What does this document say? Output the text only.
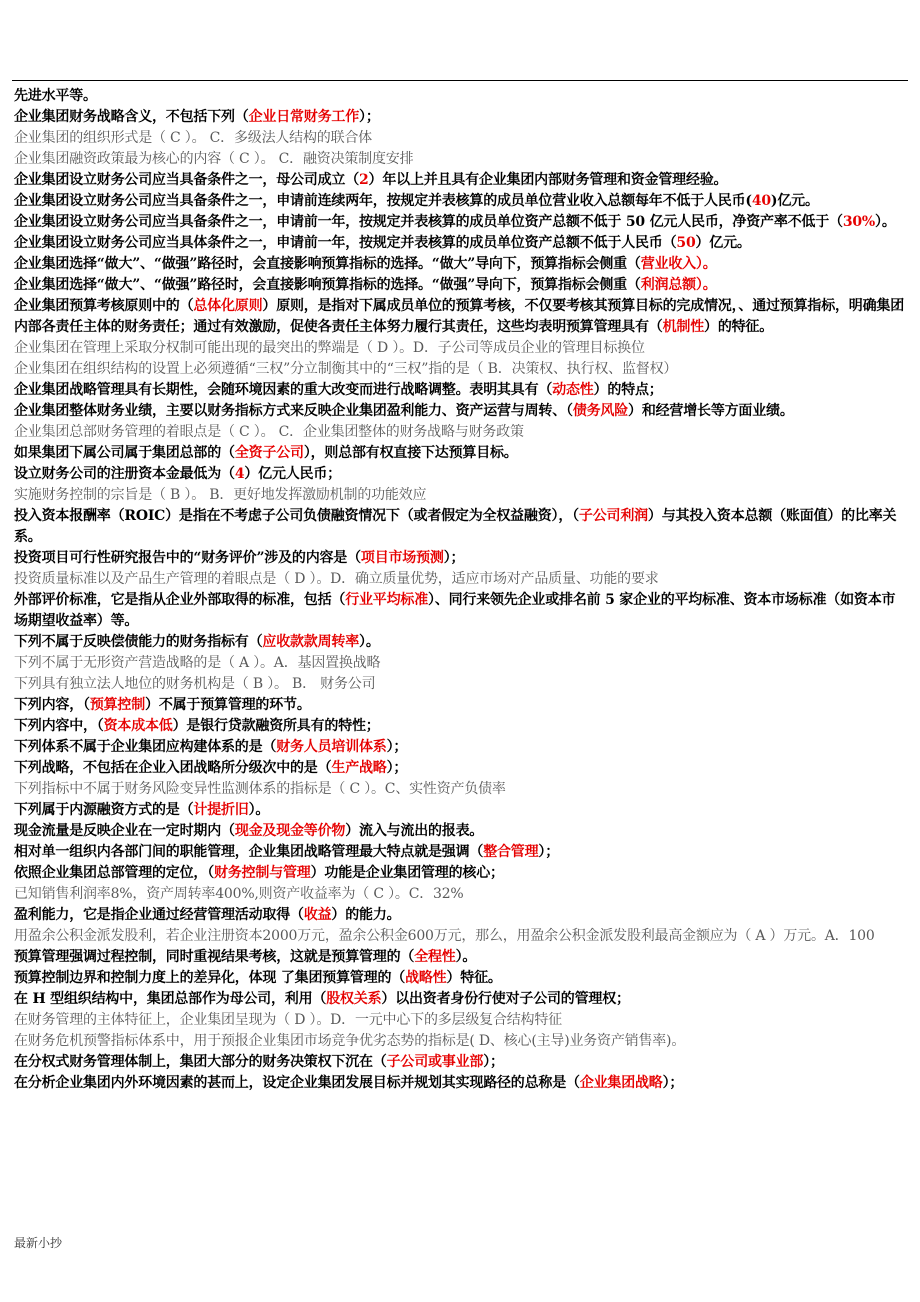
先进水平等。
企业集团财务战略含义，不包括下列（企业日常财务工作）；
企业集团的组织形式是（ C ）。 C．多级法人结构的联合体
企业集团融资政策最为核心的内容（ C ）。 C．融资决策制度安排
企业集团设立财务公司应当具备条件之一，母公司成立（2）年以上并且具有企业集团内部财务管理和资金管理经验。
企业集团设立财务公司应当具备条件之一，申请前连续两年，按规定并表核算的成员单位营业收入总额每年不低于人民币(40)亿元。
企业集团设立财务公司应当具备条件之一，申请前一年，按规定并表核算的成员单位资产总额不低于 50 亿元人民币，净资产率不低于（30%）。
企业集团设立财务公司应当具体条件之一，申请前一年，按规定并表核算的成员单位资产总额不低于人民币（50）亿元。
企业集团选择“做大”、“做强”路径时，会直接影响预算指标的选择。“做大”导向下，预算指标会侧重（营业收入）。
企业集团选择“做大”、“做强”路径时，会直接影响预算指标的选择。“做强”导向下，预算指标会侧重（利润总额）。
企业集团预算考核原则中的（总体化原则）原则，是指对下属成员单位的预算考核，不仅要考核其预算目标的完成情况，、通过预算指标，明确集团内部各责任主体的财务责任；通过有效激励，促使各责任主体努力履行其责任，这些均表明预算管理具有（机制性）的特征。
企业集团在管理上采取分权制可能出现的最突出的弊端是（ D ）。D．子公司等成员企业的管理目标换位
企业集团在组织结构的设置上必须遵循“三权”分立制衡其中的“三权”指的是（ B．决策权、执行权、监督权）
企业集团战略管理具有长期性，会随环境因素的重大改变而进行战略调整。表明其具有（动态性）的特点；
企业集团整体财务业绩，主要以财务指标方式来反映企业集团盈利能力、资产运营与周转、（债务风险）和经营增长等方面业绩。
企业集团总部财务管理的着眼点是（ C ）。 C．企业集团整体的财务战略与财务政策
如果集团下属公司属于集团总部的（全资子公司），则总部有权直接下达预算目标。
设立财务公司的注册资本金最低为（4）亿元人民币；
实施财务控制的宗旨是（ B ）。 B．更好地发挥激励机制的功能效应
投入资本报酬率（ROIC）是指在不考虑子公司负债融资情况下（或者假定为全权益融资），（子公司利润）与其投入资本总额（账面值）的比率关系。
投资项目可行性研究报告中的“财务评价”涉及的内容是（项目市场预测）；
投资质量标准以及产品生产管理的着眼点是（ D ）。D．确立质量优势，适应市场对产品质量、功能的要求
外部评价标准，它是指从企业外部取得的标准，包括（行业平均标准）、同行来领先企业或排名前 5 家企业的平均标准、资本市场标准（如资本市场期望收益率）等。
下列不属于反映偿债能力的财务指标有（应收款款周转率）。
下列不属于无形资产营造战略的是（ A ）。A．基因置换战略
下列具有独立法人地位的财务机构是（ B ）。 B． 财务公司
下列内容，（预算控制）不属于预算管理的环节。
下列内容中，（资本成本低）是银行贷款融资所具有的特性；
下列体系不属于企业集团应构建体系的是（财务人员培训体系）；
下列战略，不包括在企业入团战略所分级次中的是（生产战略）；
下列指标中不属于财务风险变异性监测体系的指标是（ C ）。C、实性资产负债率
下列属于内源融资方式的是（计提折旧）。
现金流量是反映企业在一定时期内（现金及现金等价物）流入与流出的报表。
相对单一组织内各部门间的职能管理，企业集团战略管理最大特点就是强调（整合管理）；
依照企业集团总部管理的定位，（财务控制与管理）功能是企业集团管理的核心；
已知销售利润率8%，资产周转率400%,则资产收益率为（ C ）。C．32%
盈利能力，它是指企业通过经营管理活动取得（收益）的能力。
用盈余公积金派发股利，若企业注册资本2000万元，盈余公积金600万元，那么，用盈余公积金派发股利最高金额应为（ A ）万元。A．100
预算管理强调过程控制，同时重视结果考核，这就是预算管理的（全程性）。
预算控制边界和控制力度上的差异化，体现 了集团预算管理的（战略性）特征。
在 H 型组织结构中，集团总部作为母公司，利用（股权关系）以出资者身份行使对子公司的管理权；
在财务管理的主体特征上，企业集团呈现为（ D ）。D．一元中心下的多层级复合结构特征
在财务危机预警指标体系中，用于预报企业集团市场竞争优劣态势的指标是( D、核心(主导)业务资产销售率)。
在分权式财务管理体制上，集团大部分的财务决策权下沉在（子公司或事业部）；
在分析企业集团内外环境因素的甚而上，设定企业集团发展目标并规划其实现路径的总称是（企业集团战略）；
最新小抄
